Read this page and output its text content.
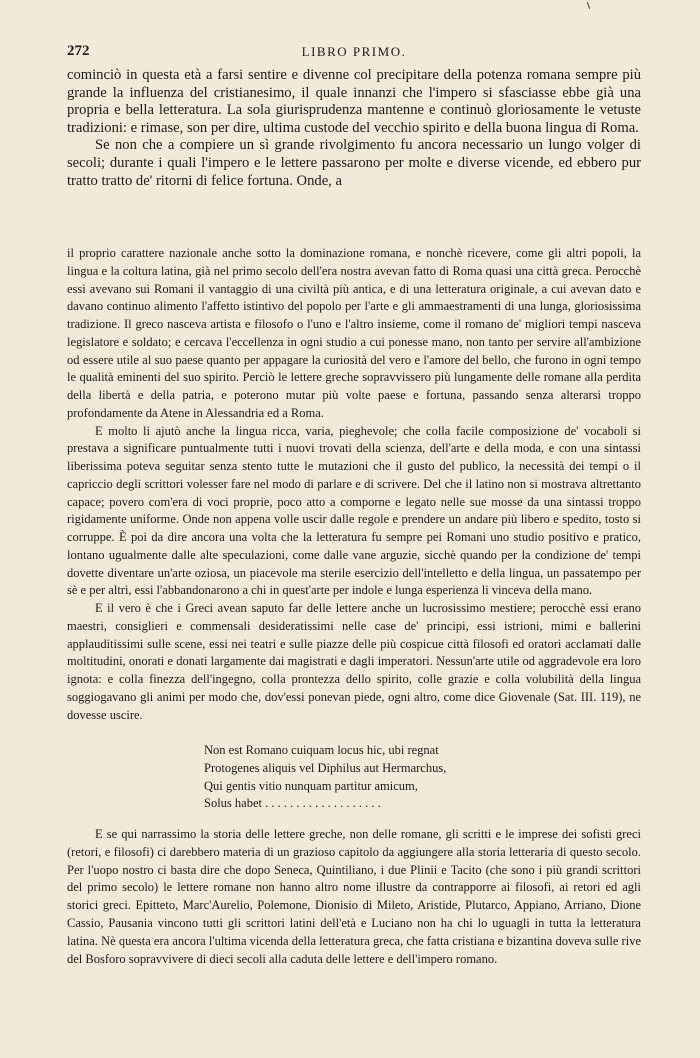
272	LIBRO PRIMO.

cominciò in questa età a farsi sentire e divenne col precipitare della potenza romana sempre più grande la influenza del cristianesimo, il quale innanzi che l'impero si sfasciasse ebbe già una propria e bella letteratura. La sola giurisprudenza mantenne e continuò gloriosamente le vetuste tradizioni: e rimase, son per dire, ultima custode del vecchio spirito e della buona lingua di Roma.

Se non che a compiere un sì grande rivolgimento fu ancora necessario un lungo volger di secoli; durante i quali l'impero e le lettere passarono per molte e diverse vicende, ed ebbero pur tratto tratto de' ritorni di felice fortuna. Onde, a

il proprio carattere nazionale anche sotto la dominazione romana, e nonchè ricevere, come gli altri popoli, la lingua e la coltura latina, già nel primo secolo dell'era nostra avevan fatto di Roma quasi una città greca. Perocchè essi avevano sui Romani il vantaggio di una civiltà più antica, e di una letteratura originale, a cui avevan dato e davano continuo alimento l'affetto istintivo del popolo per l'arte e gli ammaestramenti di una lunga, gloriosissima tradizione. Il greco nasceva artista e filosofo o l'uno e l'altro insieme, come il romano de' migliori tempi nasceva legislatore e soldato; e cercava l'eccellenza in ogni studio a cui ponesse mano, non tanto per servire all'ambizione od essere utile al suo paese quanto per appagare la curiosità del vero e l'amore del bello, che furono in ogni tempo le qualità eminenti del suo spirito. Perciò le lettere greche sopravvissero più lungamente delle romane alla perdita della libertà e della patria, e poterono mutar più volte paese e fortuna, passando senza alterarsi troppo profondamente da Atene in Alessandria ed a Roma.

E molto li ajutò anche la lingua ricca, varia, pieghevole; che colla facile composizione de' vocaboli si prestava a significare puntualmente tutti i nuovi trovati della scienza, dell'arte e della moda, e con una sintassi liberissima poteva seguitar senza stento tutte le mutazioni che il gusto del publico, la necessità dei tempi o il capriccio degli scrittori volesser fare nel modo di parlare e di scrivere. Del che il latino non si mostrava altrettanto capace; povero com'era di voci proprie, poco atto a comporne e legato nelle sue mosse da una sintassi troppo rigidamente uniforme. Onde non appena volle uscir dalle regole e prendere un andare più libero e spedito, tosto si corruppe. È poi da dire ancora una volta che la letteratura fu sempre pei Romani uno studio positivo e pratico, lontano ugualmente dalle alte speculazioni, come dalle vane arguzie, sicchè quando per la condizione de' tempi dovette diventare un'arte oziosa, un piacevole ma sterile esercizio dell'intelletto e della lingua, un passatempo per sè e per altri, essi l'abbandonarono a chi in quest'arte per indole e lunga esperienza li vinceva della mano.

E il vero è che i Greci avean saputo far delle lettere anche un lucrosissimo mestiere; perocchè essi erano maestri, consiglieri e commensali desideratissimi nelle case de' principi, essi istrioni, mimi e ballerini applauditissimi sulle scene, essi nei teatri e sulle piazze delle più cospicue città filosofi ed oratori acclamati dalle moltitudini, onorati e donati largamente dai magistrati e dagli imperatori. Nessun'arte utile od aggradevole era loro ignota: e colla finezza dell'ingegno, colla prontezza dello spirito, colle grazie e colla volubilità della lingua soggiogavano gli animi per modo che, dov'essi ponevan piede, ogni altro, come dice Giovenale (Sat. III. 119), ne dovesse uscire.

Non est Romano cuiquam locus hic, ubi regnat
Protogenes aliquis vel Diphilus aut Hermarchus,
Qui gentis vitio nunquam partitur amicum,
Solus habet . . . . . . . . . . . . . . . . . . .

E se qui narrassimo la storia delle lettere greche, non delle romane, gli scritti e le imprese dei sofisti greci (retori, e filosofi) ci darebbero materia di un grazioso capitolo da aggiungere alla storia letteraria di questo secolo. Per l'uopo nostro ci basta dire che dopo Seneca, Quintiliano, i due Plinii e Tacito (che sono i più grandi scrittori del primo secolo) le lettere romane non hanno altro nome illustre da contrapporre ai filosofi, ai retori ed agli storici greci. Epitteto, Marc'Aurelio, Polemone, Dionisio di Mileto, Aristide, Plutarco, Appiano, Arriano, Dione Cassio, Pausania vincono tutti gli scrittori latini dell'età e Luciano non ha chi lo uguagli in tutta la letteratura latina. Nè questa era ancora l'ultima vicenda della letteratura greca, che fatta cristiana e bizantina doveva sulle rive del Bosforo sopravvivere di dieci secoli alla caduta delle lettere e dell'impero romano.
